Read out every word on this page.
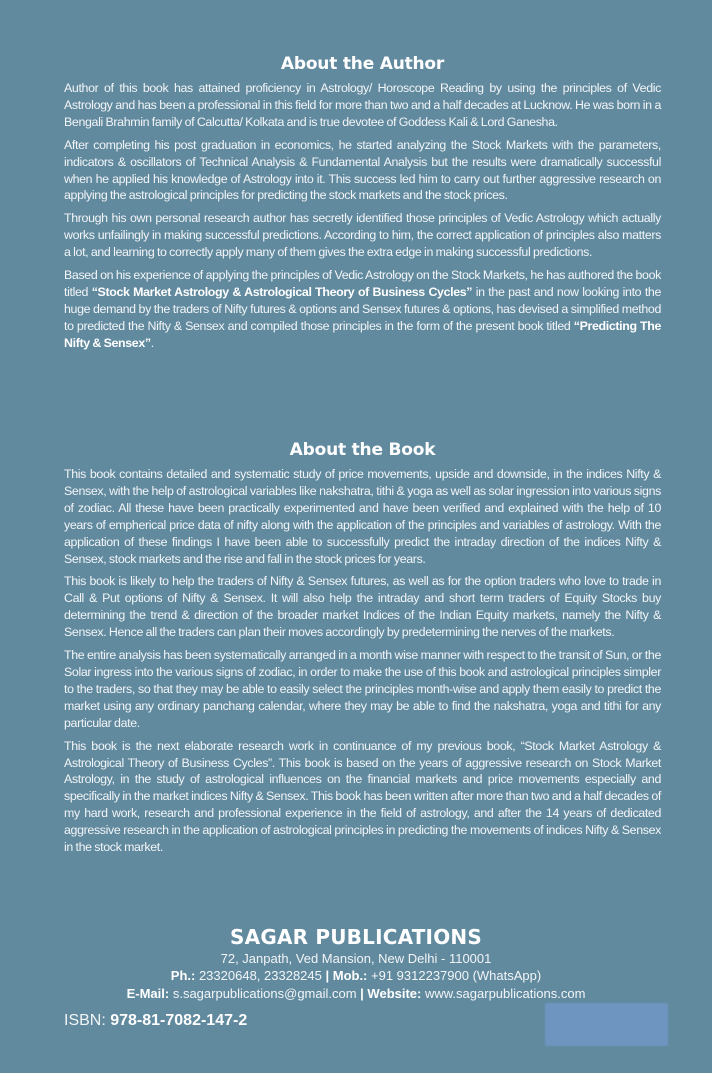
About the Author

Author of this book has attained proficiency in Astrology/ Horoscope Reading by using the principles of Vedic Astrology and has been a professional in this field for more than two and a half decades at Lucknow. He was born in a Bengali Brahmin family of Calcutta/ Kolkata and is true devotee of Goddess Kali & Lord Ganesha.

After completing his post graduation in economics, he started analyzing the Stock Markets with the parameters, indicators & oscillators of Technical Analysis & Fundamental Analysis but the results were dramatically successful when he applied his knowledge of Astrology into it. This success led him to carry out further aggressive research on applying the astrological principles for predicting the stock markets and the stock prices.

Through his own personal research author has secretly identified those principles of Vedic Astrology which actually works unfailingly in making successful predictions. According to him, the correct application of principles also matters a lot, and learning to correctly apply many of them gives the extra edge in making successful predictions.

Based on his experience of applying the principles of Vedic Astrology on the Stock Markets, he has authored the book titled “Stock Market Astrology & Astrological Theory of Business Cycles” in the past and now looking into the huge demand by the traders of Nifty futures & options and Sensex futures & options, has devised a simplified method to predicted the Nifty & Sensex and compiled those principles in the form of the present book titled “Predicting The Nifty & Sensex”.

About the Book

This book contains detailed and systematic study of price movements, upside and downside, in the indices Nifty & Sensex, with the help of astrological variables like nakshatra, tithi & yoga as well as solar ingression into various signs of zodiac. All these have been practically experimented and have been verified and explained with the help of 10 years of empherical price data of nifty along with the application of the principles and variables of astrology. With the application of these findings I have been able to successfully predict the intraday direction of the indices Nifty & Sensex, stock markets and the rise and fall in the stock prices for years.

This book is likely to help the traders of Nifty & Sensex futures, as well as for the option traders who love to trade in Call & Put options of Nifty & Sensex. It will also help the intraday and short term traders of Equity Stocks buy determining the trend & direction of the broader market Indices of the Indian Equity markets, namely the Nifty & Sensex. Hence all the traders can plan their moves accordingly by predetermining the nerves of the markets.

The entire analysis has been systematically arranged in a month wise manner with respect to the transit of Sun, or the Solar ingress into the various signs of zodiac, in order to make the use of this book and astrological principles simpler to the traders, so that they may be able to easily select the principles month-wise and apply them easily to predict the market using any ordinary panchang calendar, where they may be able to find the nakshatra, yoga and tithi for any particular date.

This book is the next elaborate research work in continuance of my previous book, “Stock Market Astrology & Astrological Theory of Business Cycles”. This book is based on the years of aggressive research on Stock Market Astrology, in the study of astrological influences on the financial markets and price movements especially and specifically in the market indices Nifty & Sensex. This book has been written after more than two and a half decades of my hard work, research and professional experience in the field of astrology, and after the 14 years of dedicated aggressive research in the application of astrological principles in predicting the movements of indices Nifty & Sensex in the stock market.

SAGAR PUBLICATIONS
72, Janpath, Ved Mansion, New Delhi - 110001
Ph.: 23320648, 23328245 | Mob.: +91 9312237900 (WhatsApp)
E-Mail: s.sagarpublications@gmail.com | Website: www.sagarpublications.com
ISBN: 978-81-7082-147-2
